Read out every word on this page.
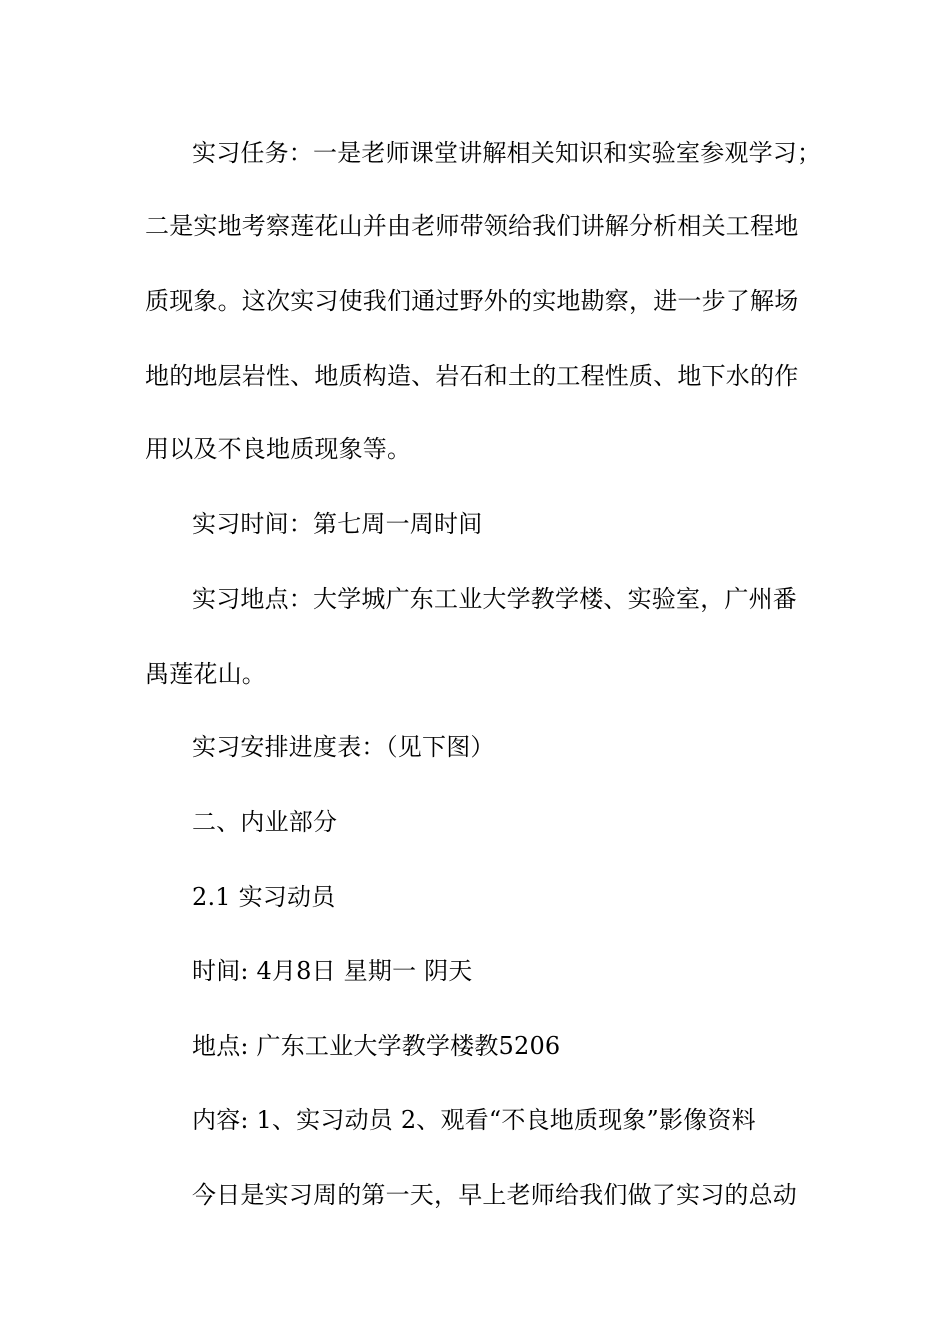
实习任务：一是老师课堂讲解相关知识和实验室参观学习；
二是实地考察莲花山并由老师带领给我们讲解分析相关工程地
质现象。这次实习使我们通过野外的实地勘察，进一步了解场
地的地层岩性、地质构造、岩石和土的工程性质、地下水的作
用以及不良地质现象等。
实习时间：第七周一周时间
实习地点：大学城广东工业大学教学楼、实验室，广州番
禺莲花山。
实习安排进度表：（见下图）
二、内业部分
2.1 实习动员
时间: 4月8日 星期一 阴天
地点: 广东工业大学教学楼教5206
内容: 1、实习动员 2、观看“不良地质现象”影像资料
今日是实习周的第一天，早上老师给我们做了实习的总动
